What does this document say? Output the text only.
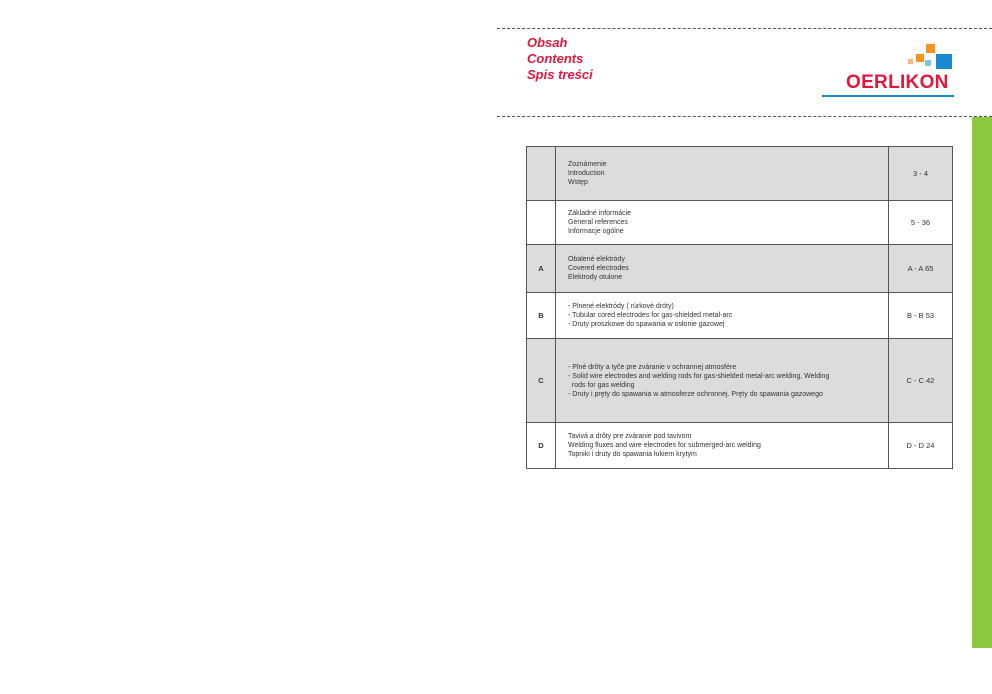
Obsah
Contents
Spis treści	OERLIKON

	Zoznámenie
Introduction
Wstęp	3 - 4

	Základné informácie
General references
Informacje ogólne	5 - 36
A	Obalené elektródy
Covered electrodes
Elektrody otulone	A - A 65
B	- Plnené elektródy ( rúrkové dróty)
- Tubular cored electrodes for gas-shielded metal-arc
- Druty proszkowe do spawania w osłonie gazowej	B - B 53
C	- Plné drôty a tyče pre zváranie v ochrannej atmosfére
- Solid wire electrodes and welding rods for gas-shielded metal-arc welding, Welding
rods for gas welding
- Druty i pręty do spawania w atmosferze ochronnej. Pręty do spawania gazowego	C - C 42
D	Tavivá a drôty pre zváranie pod tavivom
Welding fluxes and wire electrodes for submerged-arc welding
Topniki i druty do spawania łukiem krytym	D - D 24
